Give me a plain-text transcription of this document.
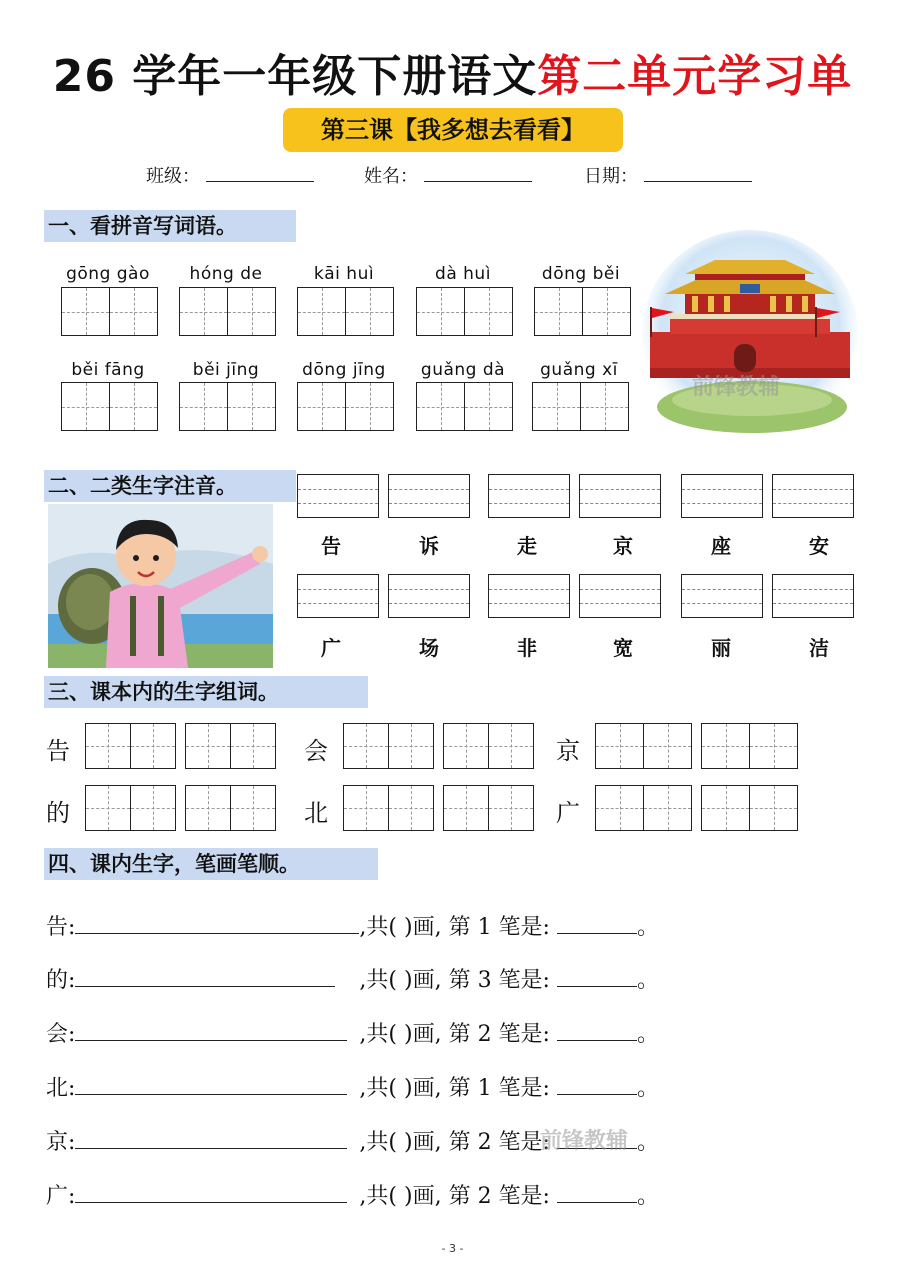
26 学年一年级下册语文第二单元学习单
第三课【我多想去看看】
班级：	姓名：	日期：
一、看拼音写词语。
gōng gào	hóng de	kāi huì	dà huì	dōng běi
běi fāng	běi jīng	dōng jīng	guǎng dà	guǎng xī
前锋教辅
二、二类生字注音。
告	诉	走	京	座	安
广	场	非	宽	丽	洁
三、课本内的生字组词。
告	会	京
的	北	广
四、课内生字，笔画笔顺。
告:	,共( )画, 第 1 笔是:	。
的:	,共( )画, 第 3 笔是:	。
会:	,共( )画, 第 2 笔是:	。
北:	,共( )画, 第 1 笔是:	。
京:	,共( )画, 第 2 笔是:	。
广:	,共( )画, 第 2 笔是:	。
前锋教辅
- 3 -
